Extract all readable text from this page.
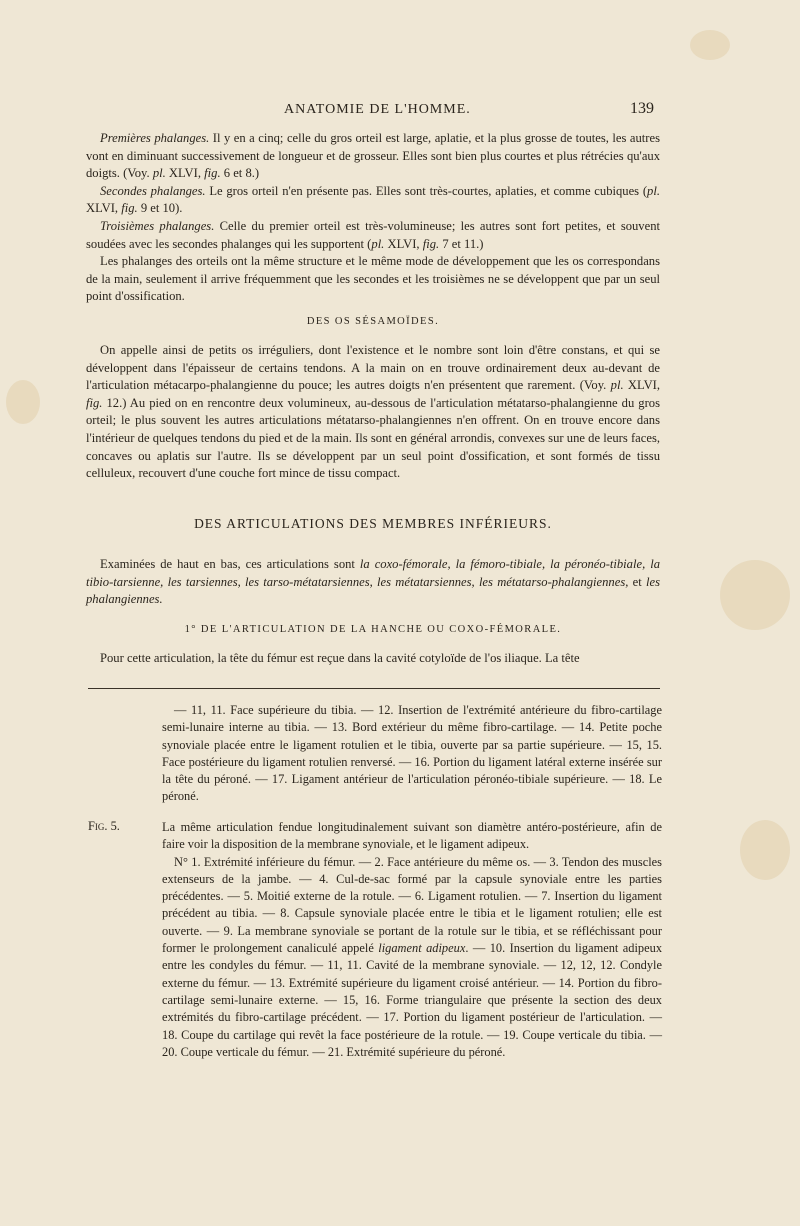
ANATOMIE DE L'HOMME.	139

Premières phalanges. Il y en a cinq; celle du gros orteil est large, aplatie, et la plus grosse de toutes, les autres vont en diminuant successivement de longueur et de grosseur. Elles sont bien plus courtes et plus rétrécies qu'aux doigts. (Voy. pl. XLVI, fig. 6 et 8.)

Secondes phalanges. Le gros orteil n'en présente pas. Elles sont très-courtes, aplaties, et comme cubiques (pl. XLVI, fig. 9 et 10).

Troisièmes phalanges. Celle du premier orteil est très-volumineuse; les autres sont fort petites, et souvent soudées avec les secondes phalanges qui les supportent (pl. XLVI, fig. 7 et 11.)

Les phalanges des orteils ont la même structure et le même mode de développement que les os correspondans de la main, seulement il arrive fréquemment que les secondes et les troisièmes ne se développent que par un seul point d'ossification.

DES OS SÉSAMOÏDES.

On appelle ainsi de petits os irréguliers, dont l'existence et le nombre sont loin d'être constans, et qui se développent dans l'épaisseur de certains tendons. A la main on en trouve ordinairement deux au-devant de l'articulation métacarpo-phalangienne du pouce; les autres doigts n'en présentent que rarement. (Voy. pl. XLVI, fig. 12.) Au pied on en rencontre deux volumineux, au-dessous de l'articulation métatarso-phalangienne du gros orteil; le plus souvent les autres articulations métatarso-phalangiennes n'en offrent. On en trouve encore dans l'intérieur de quelques tendons du pied et de la main. Ils sont en général arrondis, convexes sur une de leurs faces, concaves ou aplatis sur l'autre. Ils se développent par un seul point d'ossification, et sont formés de tissu celluleux, recouvert d'une couche fort mince de tissu compact.

DES ARTICULATIONS DES MEMBRES INFÉRIEURS.

Examinées de haut en bas, ces articulations sont la coxo-fémorale, la fémoro-tibiale, la péronéo-tibiale, la tibio-tarsienne, les tarsiennes, les tarso-métatarsiennes, les métatarsiennes, les métatarso-phalangiennes, et les phalangiennes.

1° DE L'ARTICULATION DE LA HANCHE OU COXO-FÉMORALE.

Pour cette articulation, la tête du fémur est reçue dans la cavité cotyloïde de l'os iliaque. La tête

— 11, 11. Face supérieure du tibia. — 12. Insertion de l'extrémité antérieure du fibro-cartilage semi-lunaire interne au tibia. — 13. Bord extérieur du même fibro-cartilage. — 14. Petite poche synoviale placée entre le ligament rotulien et le tibia, ouverte par sa partie supérieure. — 15, 15. Face postérieure du ligament rotulien renversé. — 16. Portion du ligament latéral externe insérée sur la tête du péroné. — 17. Ligament antérieur de l'articulation péronéo-tibiale supérieure. — 18. Le péroné.

Fig. 5.	La même articulation fendue longitudinalement suivant son diamètre antéro-postérieure, afin de faire voir la disposition de la membrane synoviale, et le ligament adipeux.

N° 1. Extrémité inférieure du fémur. — 2. Face antérieure du même os. — 3. Tendon des muscles extenseurs de la jambe. — 4. Cul-de-sac formé par la capsule synoviale entre les parties précédentes. — 5. Moitié externe de la rotule. — 6. Ligament rotulien. — 7. Insertion du ligament précédent au tibia. — 8. Capsule synoviale placée entre le tibia et le ligament rotulien; elle est ouverte. — 9. La membrane synoviale se portant de la rotule sur le tibia, et se réfléchissant pour former le prolongement canaliculé appelé ligament adipeux. — 10. Insertion du ligament adipeux entre les condyles du fémur. — 11, 11. Cavité de la membrane synoviale. — 12, 12, 12. Condyle externe du fémur. — 13. Extrémité supérieure du ligament croisé antérieur. — 14. Portion du fibro-cartilage semi-lunaire externe. — 15, 16. Forme triangulaire que présente la section des deux extrémités du fibro-cartilage précédent. — 17. Portion du ligament postérieur de l'articulation. — 18. Coupe du cartilage qui revêt la face postérieure de la rotule. — 19. Coupe verticale du tibia. — 20. Coupe verticale du fémur. — 21. Extrémité supérieure du péroné.
